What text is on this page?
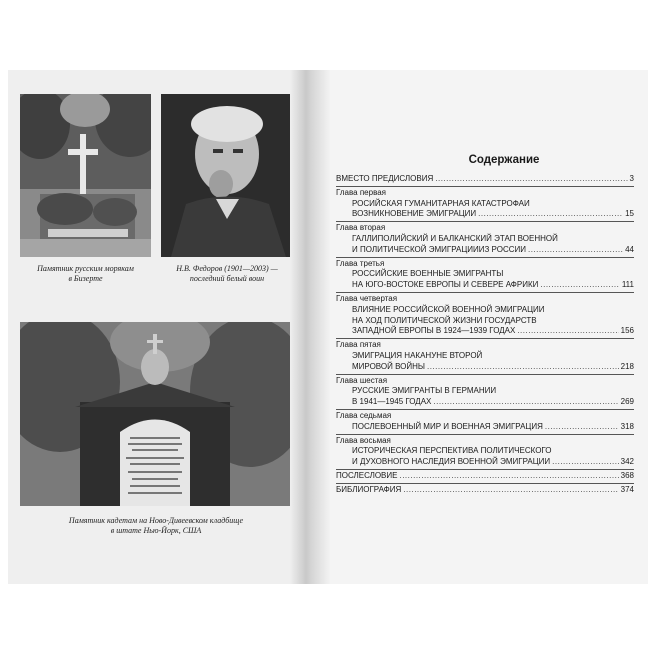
Памятник русским морякам
в Бизерте
Н.В. Федоров (1901—2003) —
последний белый воин
Памятник кадетам на Ново-Дивеевском кладбище
в штате Нью-Йорк, США
Содержание
ВМЕСТО ПРЕДИСЛОВИЯ .....	3
Глава первая
РОСИЙСКАЯ ГУМАНИТАРНАЯ КАТАСТРОФАИ
ВОЗНИКНОВЕНИЕ ЭМИГРАЦИИ .....	15
Глава вторая
ГАЛЛИПОЛИЙСКИЙ И БАЛКАНСКИЙ ЭТАП ВОЕННОЙ
И ПОЛИТИЧЕСКОЙ ЭМИГРАЦИИИЗ РОССИИ .....	44
Глава третья
РОССИЙСКИЕ ВОЕННЫЕ ЭМИГРАНТЫ
НА ЮГО-ВОСТОКЕ ЕВРОПЫ И СЕВЕРЕ АФРИКИ .....	111
Глава четвертая
ВЛИЯНИЕ РОССИЙСКОЙ ВОЕННОЙ ЭМИГРАЦИИ
НА ХОД ПОЛИТИЧЕСКОЙ ЖИЗНИ ГОСУДАРСТВ
ЗАПАДНОЙ ЕВРОПЫ В 1924—1939 ГОДАХ .....	156
Глава пятая
ЭМИГРАЦИЯ НАКАНУНЕ ВТОРОЙ
МИРОВОЙ ВОЙНЫ .....	218
Глава шестая
РУССКИЕ ЭМИГРАНТЫ В ГЕРМАНИИ
В 1941—1945 ГОДАХ .....	269
Глава седьмая
ПОСЛЕВОЕННЫЙ МИР И ВОЕННАЯ ЭМИГРАЦИЯ .....	318
Глава восьмая
ИСТОРИЧЕСКАЯ ПЕРСПЕКТИВА ПОЛИТИЧЕСКОГО
И ДУХОВНОГО НАСЛЕДИЯ ВОЕННОЙ ЭМИГРАЦИИ .....	342
ПОСЛЕСЛОВИЕ .....	368
БИБЛИОГРАФИЯ .....	374
